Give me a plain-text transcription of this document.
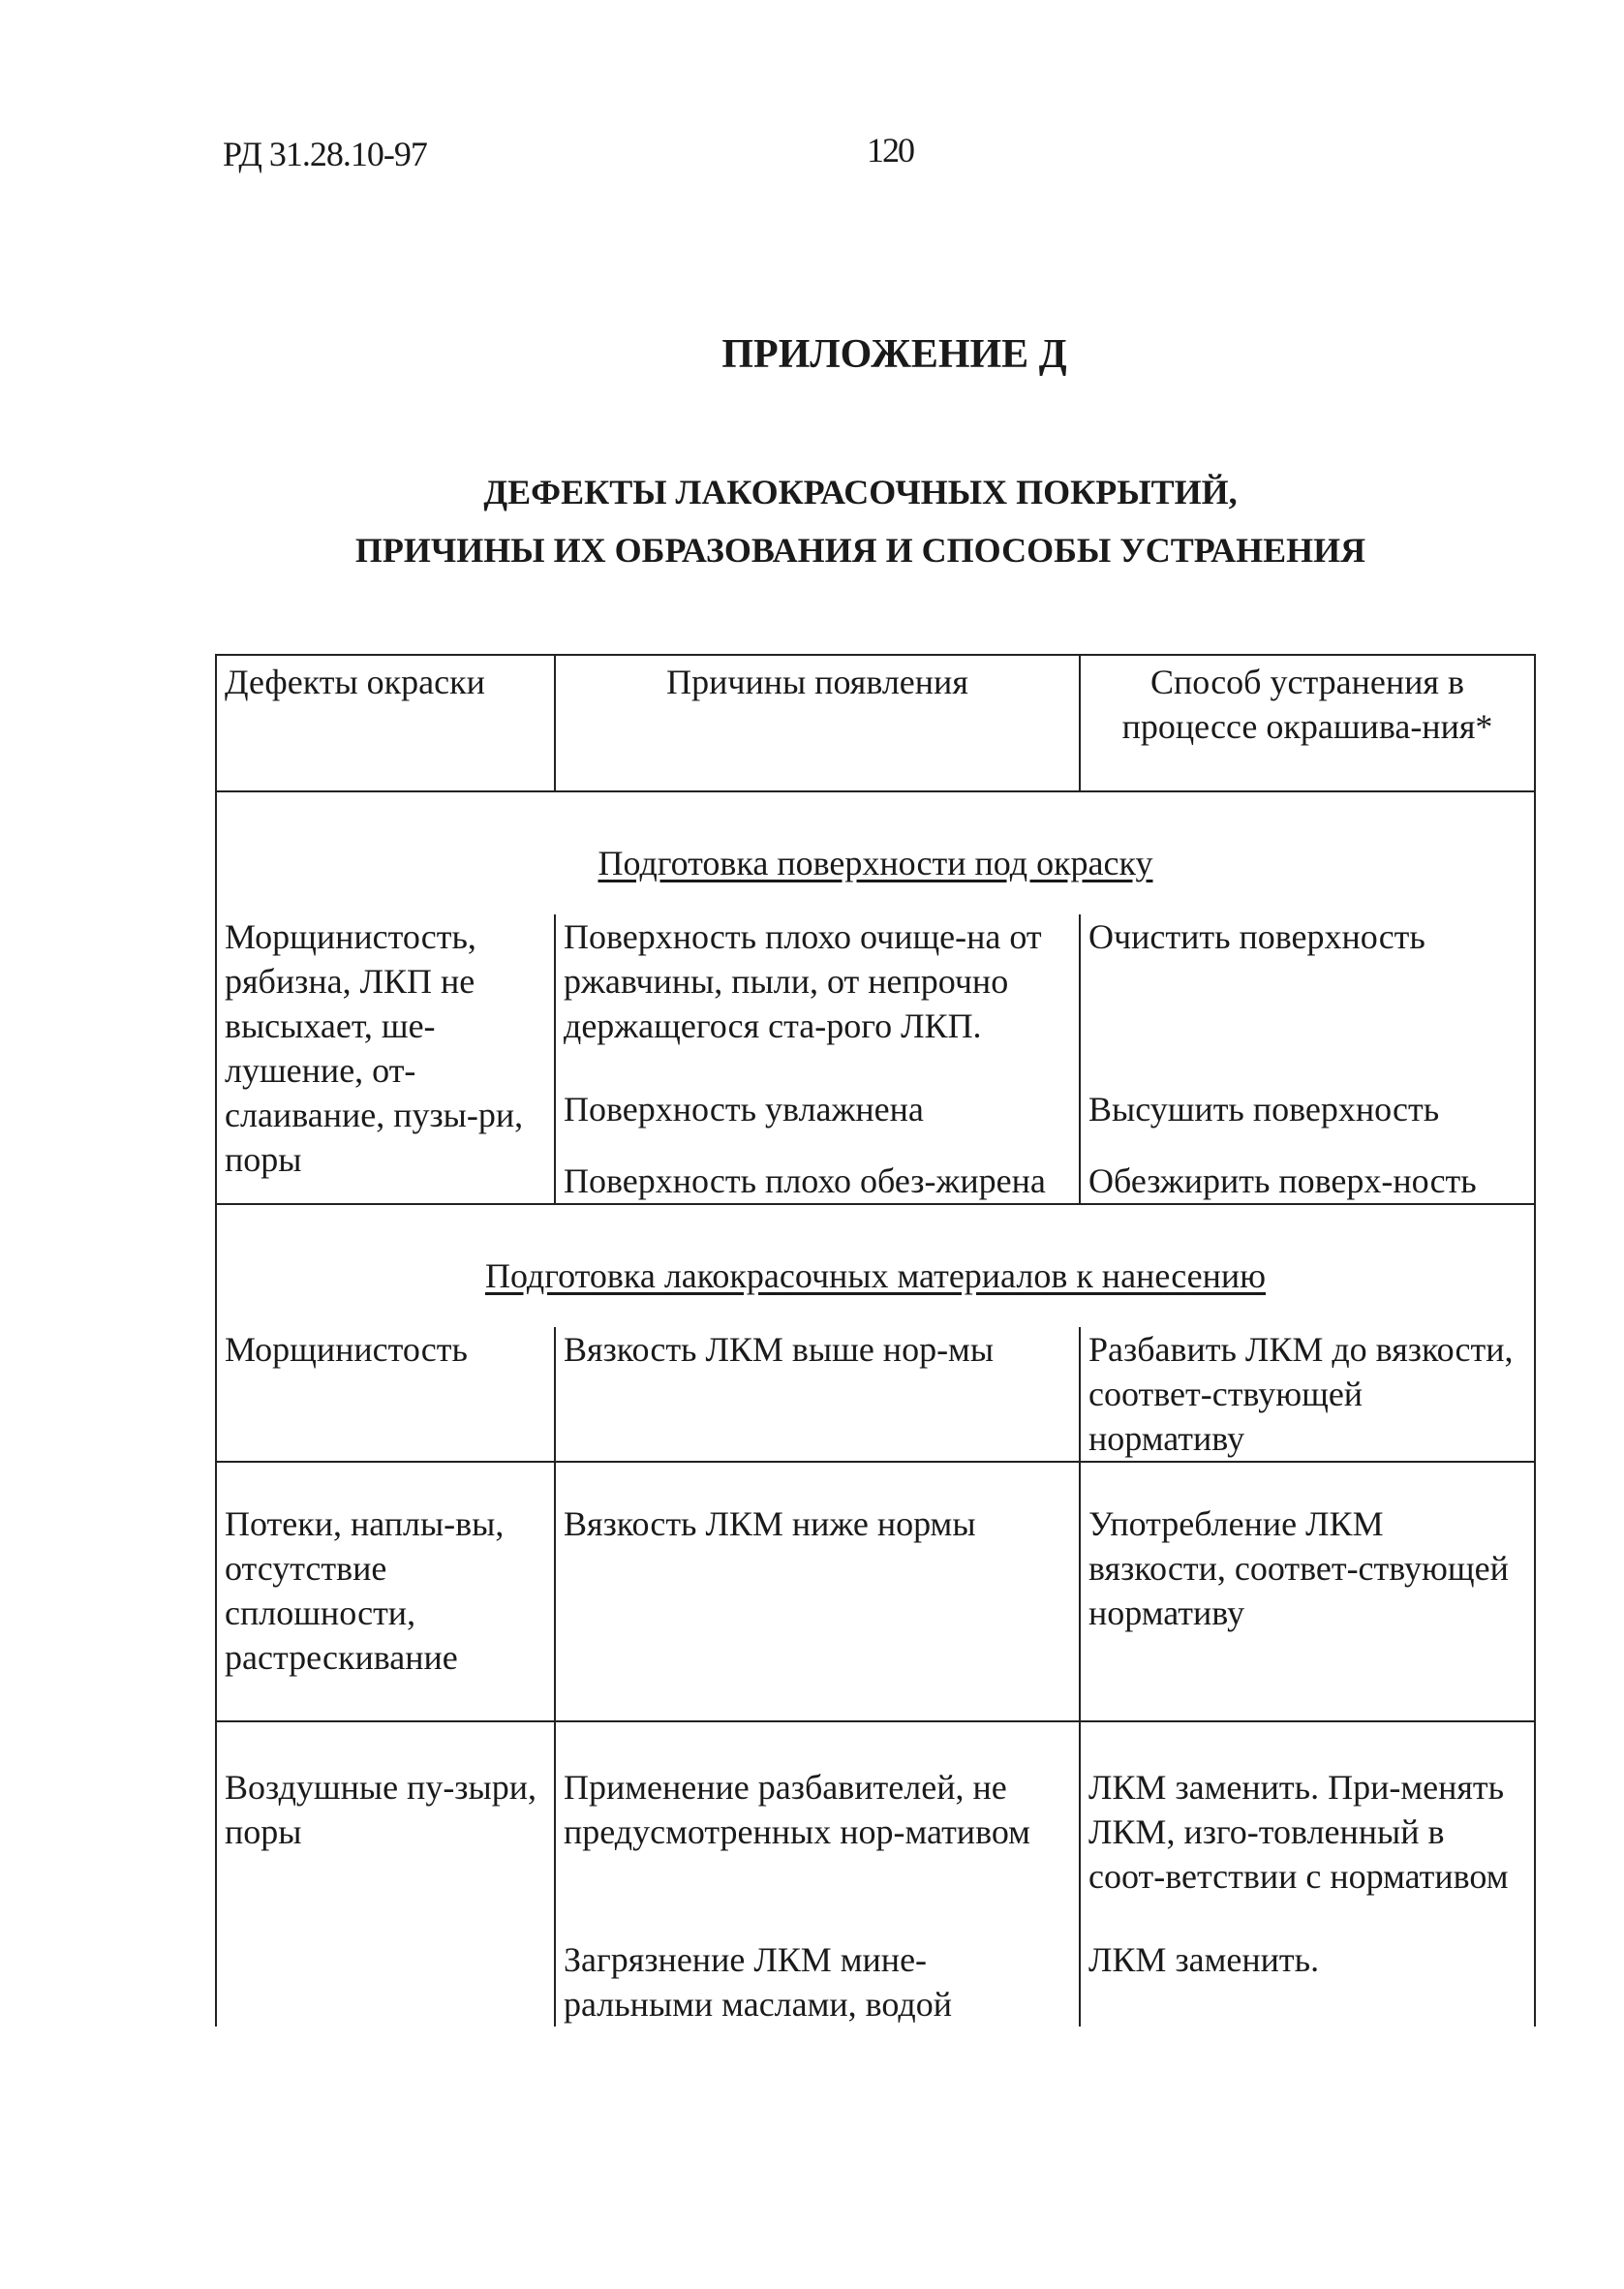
РД 31.28.10-97	120
ПРИЛОЖЕНИЕ Д
ДЕФЕКТЫ ЛАКОКРАСОЧНЫХ ПОКРЫТИЙ,
ПРИЧИНЫ ИХ ОБРАЗОВАНИЯ И СПОСОБЫ УСТРАНЕНИЯ
Дефекты окраски	Причины появления	Способ устранения в процессе окрашива-ния*
Подготовка поверхности под окраску		
Морщинистость, рябизна, ЛКП не высыхает, ше-лушение, от-слаивание, пузы-ри, поры	Поверхность плохо очище-на от ржавчины, пыли, от непрочно держащегося ста-рого ЛКП.	Очистить поверхность

	Поверхность увлажнена	Высушить поверхность

	Поверхность плохо обез-жирена	Обезжирить поверх-ность
Подготовка лакокрасочных материалов к нанесению		
Морщинистость	Вязкость ЛКМ выше нор-мы	Разбавить ЛКМ до вязкости, соответ-ствующей нормативу
Потеки, наплы-вы, отсутствие сплошности, растрескивание	Вязкость ЛКМ ниже нормы	Употребление ЛКМ вязкости, соответ-ствующей нормативу
Воздушные пу-зыри, поры	Применение разбавителей, не предусмотренных нор-мативом	ЛКМ заменить. При-менять ЛКМ, изго-товленный в соот-ветствии с нормативом

	Загрязнение ЛКМ мине-ральными маслами, водой	ЛКМ заменить.
